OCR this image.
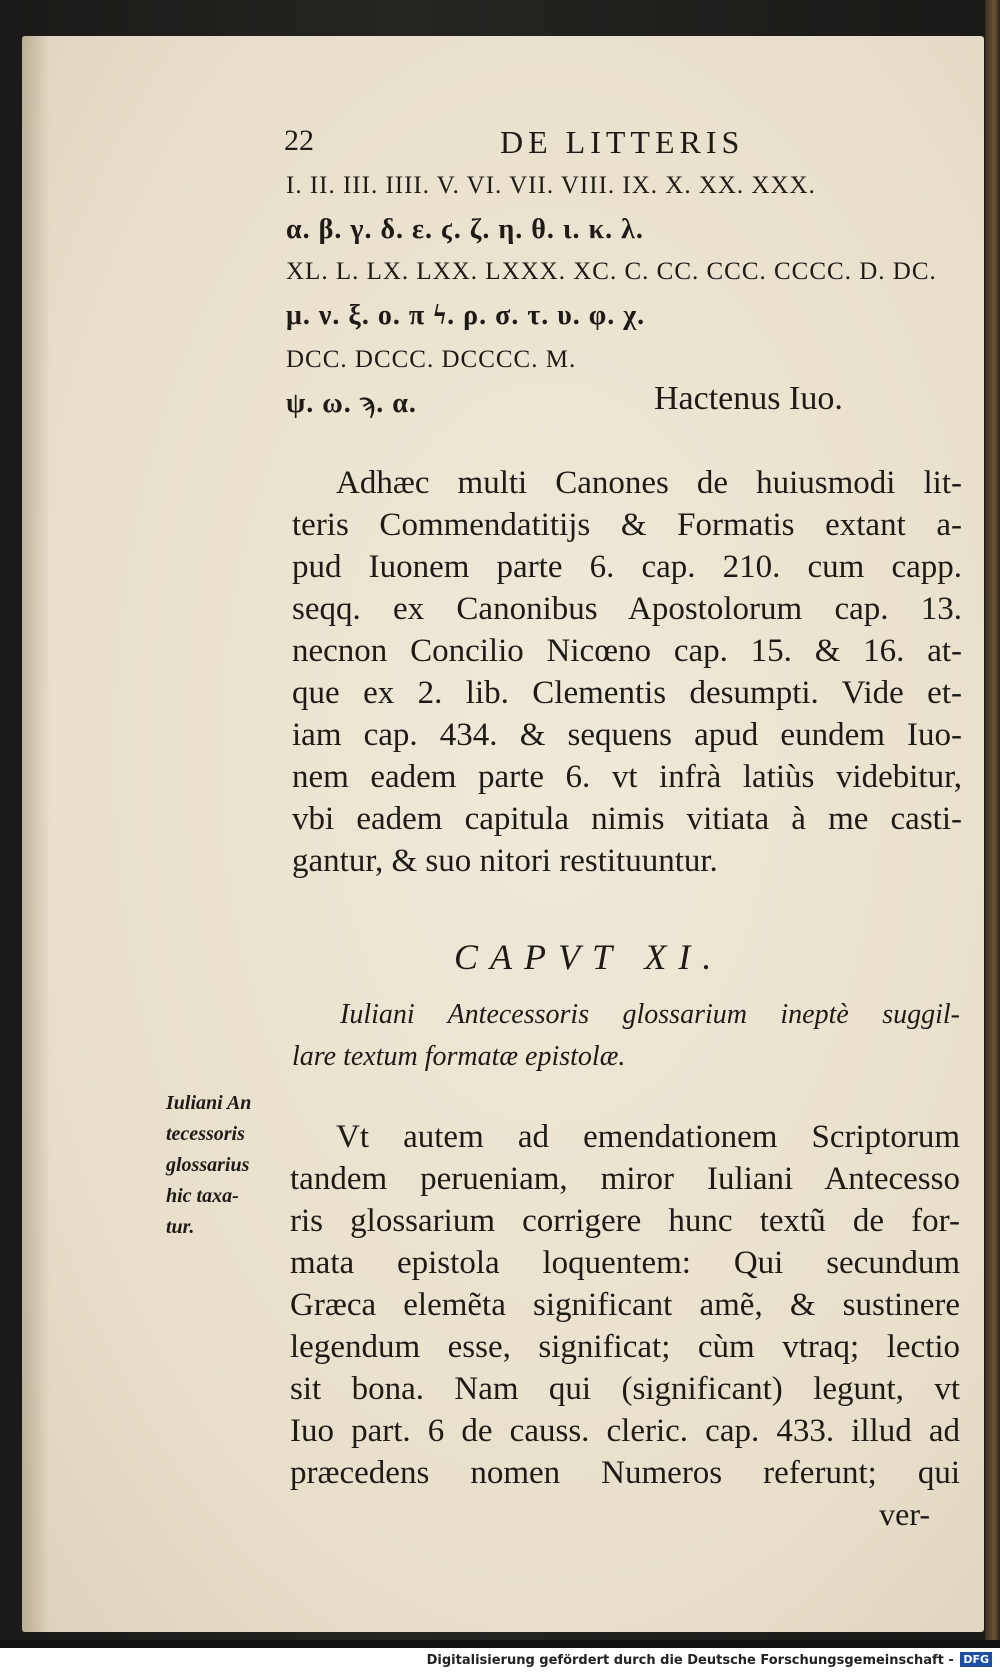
22	DE LITTERIS
I. II. III. IIII. V. VI. VII. VIII. IX. X. XX. XXX.
α. β. γ. δ. ε. ϛ. ζ. η. θ. ι. κ. λ.
XL. L. LX. LXX. LXXX. XC. C. CC. CCC. CCCC. D. DC.
μ. ν. ξ. ο. π ϟ. ρ. σ. τ. υ. φ. χ.
DCC. DCCC. DCCCC. M.
Hactenus Iuo.
ψ. ω. ϡ. α.
Adhæc multi Canones de huiusmodi lit-
teris Commendatitijs & Formatis extant a-
pud Iuonem parte 6. cap. 210. cum capp.
seqq. ex Canonibus Apostolorum cap. 13.
necnon Concilio Nicœno cap. 15. & 16. at-
que ex 2. lib. Clementis desumpti. Vide et-
iam cap. 434. & sequens apud eundem Iuo-
nem eadem parte 6. vt infrà latiùs videbitur,
vbi eadem capitula nimis vitiata à me casti-
gantur, & suo nitori restituuntur.
CAPVT XI.
Iuliani Antecessoris glossarium ineptè suggil-
lare textum formatæ epistolæ.
Iuliani An
tecessoris
glossarius
hic taxa-
tur.
Vt autem ad emendationem Scriptorum
tandem perueniam, miror Iuliani Antecesso
ris glossarium corrigere hunc textũ de for-
mata epistola loquentem: Qui secundum
Græca elemẽta significant amẽ, & sustinere
legendum esse, significat; cùm vtraq; lectio
sit bona. Nam qui (significant) legunt, vt
Iuo part. 6 de causs. cleric. cap. 433. illud ad
præcedens nomen Numeros referunt; qui
ver-
Digitalisierung gefördert durch die Deutsche Forschungsgemeinschaft - DFG
